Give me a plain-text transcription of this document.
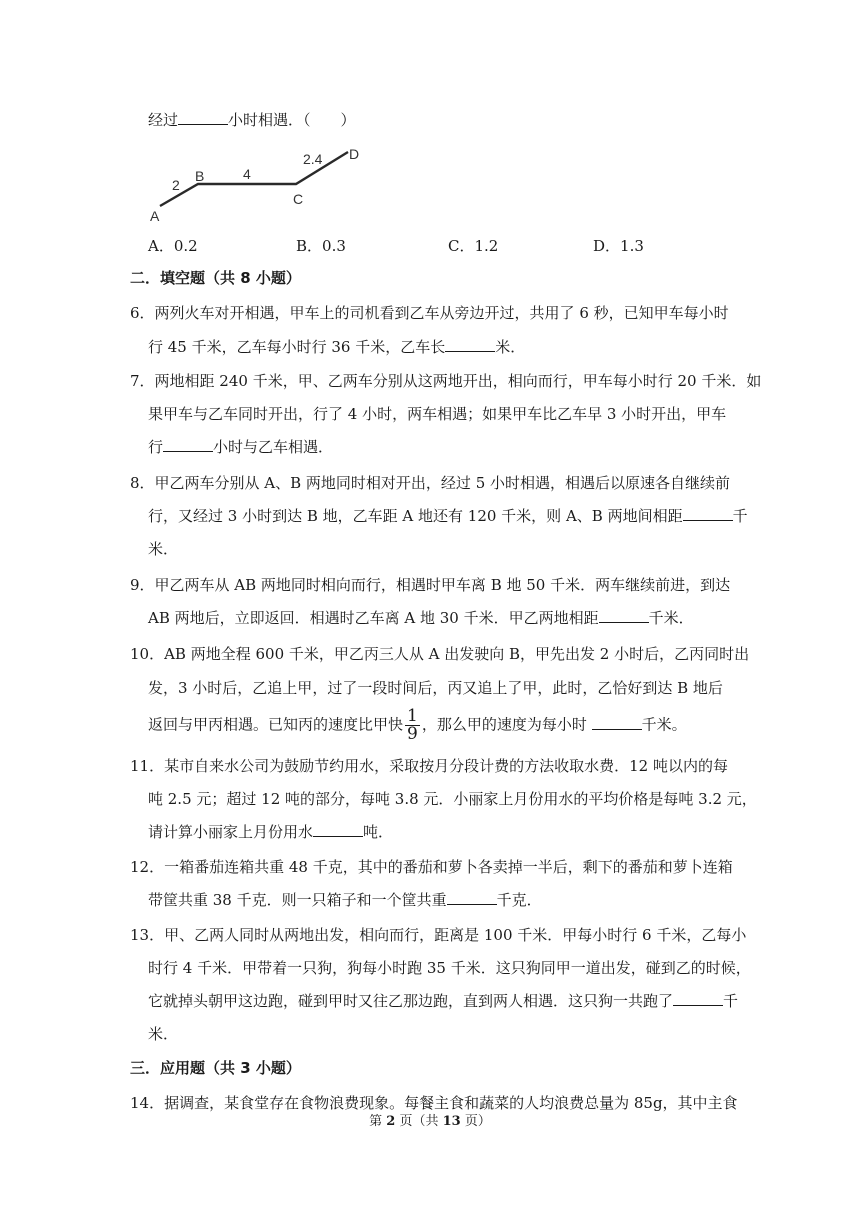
经过	小时相遇．（　　）
A
B
C
D
2
4
2.4
A．0.2	B．0.3	C．1.2	D．1.3
二．填空题（共 8 小题）
6．两列火车对开相遇，甲车上的司机看到乙车从旁边开过，共用了 6 秒，已知甲车每小时
行 45 千米，乙车每小时行 36 千米，乙车长	米．
7．两地相距 240 千米，甲、乙两车分别从这两地开出，相向而行，甲车每小时行 20 千米．如
果甲车与乙车同时开出，行了 4 小时，两车相遇；如果甲车比乙车早 3 小时开出，甲车
行	小时与乙车相遇．
8．甲乙两车分别从 A、B 两地同时相对开出，经过 5 小时相遇，相遇后以原速各自继续前
行，又经过 3 小时到达 B 地，乙车距 A 地还有 120 千米，则 A、B 两地间相距	千
米．
9．甲乙两车从 AB 两地同时相向而行，相遇时甲车离 B 地 50 千米．两车继续前进，到达
AB 两地后，立即返回．相遇时乙车离 A 地 30 千米．甲乙两地相距	千米．
10．AB 两地全程 600 千米，甲乙丙三人从 A 出发驶向 B，甲先出发 2 小时后，乙丙同时出
发，3 小时后，乙追上甲，过了一段时间后，丙又追上了甲，此时，乙恰好到达 B 地后
返回与甲丙相遇。已知丙的速度比甲快 $\frac{1}{9}$ ，那么甲的速度为每小时	千米。
11．某市自来水公司为鼓励节约用水，采取按月分段计费的方法收取水费．12 吨以内的每
吨 2.5 元；超过 12 吨的部分，每吨 3.8 元．小丽家上月份用水的平均价格是每吨 3.2 元，
请计算小丽家上月份用水	吨．
12．一箱番茄连箱共重 48 千克，其中的番茄和萝卜各卖掉一半后，剩下的番茄和萝卜连箱
带筐共重 38 千克．则一只箱子和一个筐共重	千克．
13．甲、乙两人同时从两地出发，相向而行，距离是 100 千米．甲每小时行 6 千米，乙每小
时行 4 千米．甲带着一只狗，狗每小时跑 35 千米．这只狗同甲一道出发，碰到乙的时候，
它就掉头朝甲这边跑，碰到甲时又往乙那边跑，直到两人相遇．这只狗一共跑了	千
米．
三．应用题（共 3 小题）
14．据调查，某食堂存在食物浪费现象。每餐主食和蔬菜的人均浪费总量为 85g，其中主食
第 2 页（共 13 页）
